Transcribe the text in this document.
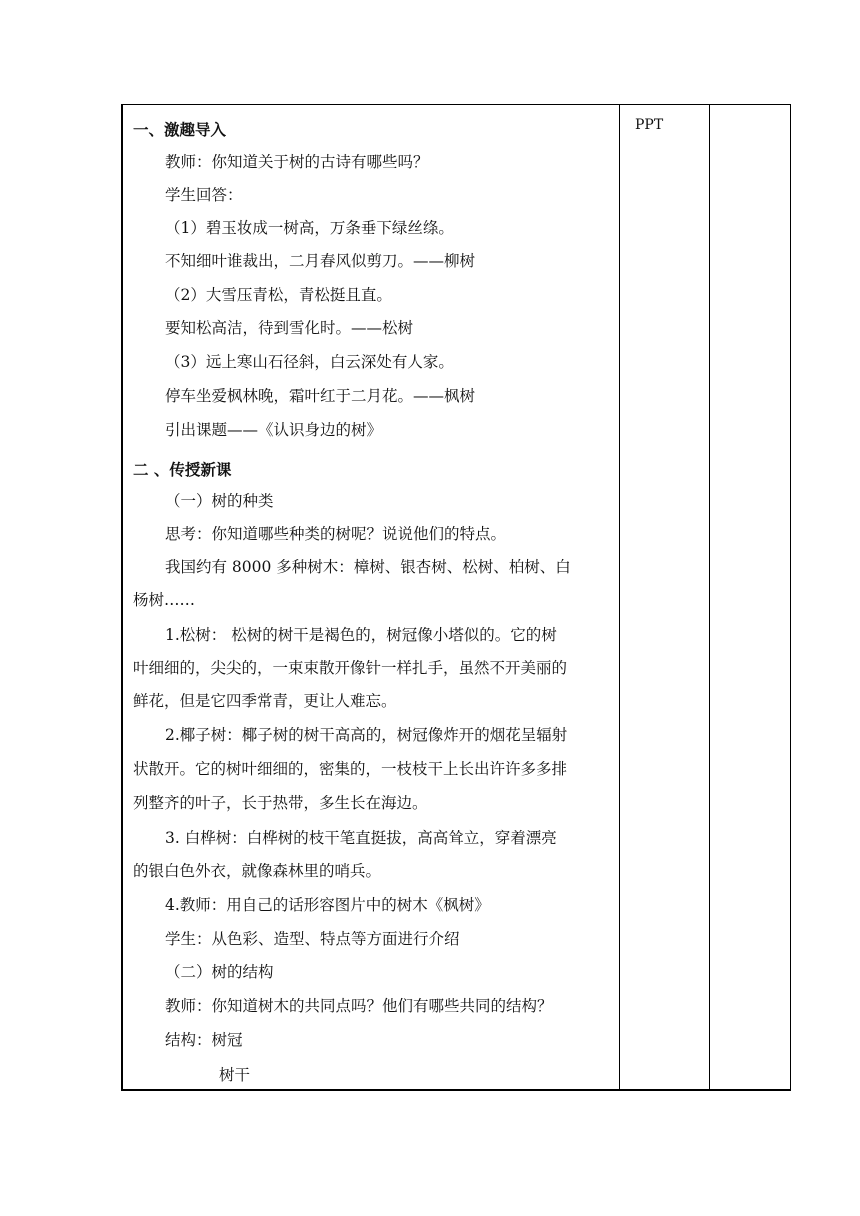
PPT
一、激趣导入
教师：你知道关于树的古诗有哪些吗？
学生回答：
（1）碧玉妆成一树高，万条垂下绿丝绦。
不知细叶谁裁出，二月春风似剪刀。——柳树
（2）大雪压青松，青松挺且直。
要知松高洁，待到雪化时。——松树
（3）远上寒山石径斜，白云深处有人家。
停车坐爱枫林晚，霜叶红于二月花。——枫树
引出课题——《认识身边的树》
二 、传授新课
（一）树的种类
思考：你知道哪些种类的树呢？说说他们的特点。
我国约有 8000 多种树木：樟树、银杏树、松树、柏树、白
杨树……
1.松树： 松树的树干是褐色的，树冠像小塔似的。它的树
叶细细的，尖尖的，一束束散开像针一样扎手，虽然不开美丽的
鲜花，但是它四季常青，更让人难忘。
2.椰子树：椰子树的树干高高的，树冠像炸开的烟花呈辐射
状散开。它的树叶细细的，密集的，一枝枝干上长出许许多多排
列整齐的叶子，长于热带，多生长在海边。
3. 白桦树：白桦树的枝干笔直挺拔，高高耸立，穿着漂亮
的银白色外衣，就像森林里的哨兵。
4.教师：用自己的话形容图片中的树木《枫树》
学生：从色彩、造型、特点等方面进行介绍
（二）树的结构
教师：你知道树木的共同点吗？他们有哪些共同的结构？
结构：树冠
树干
